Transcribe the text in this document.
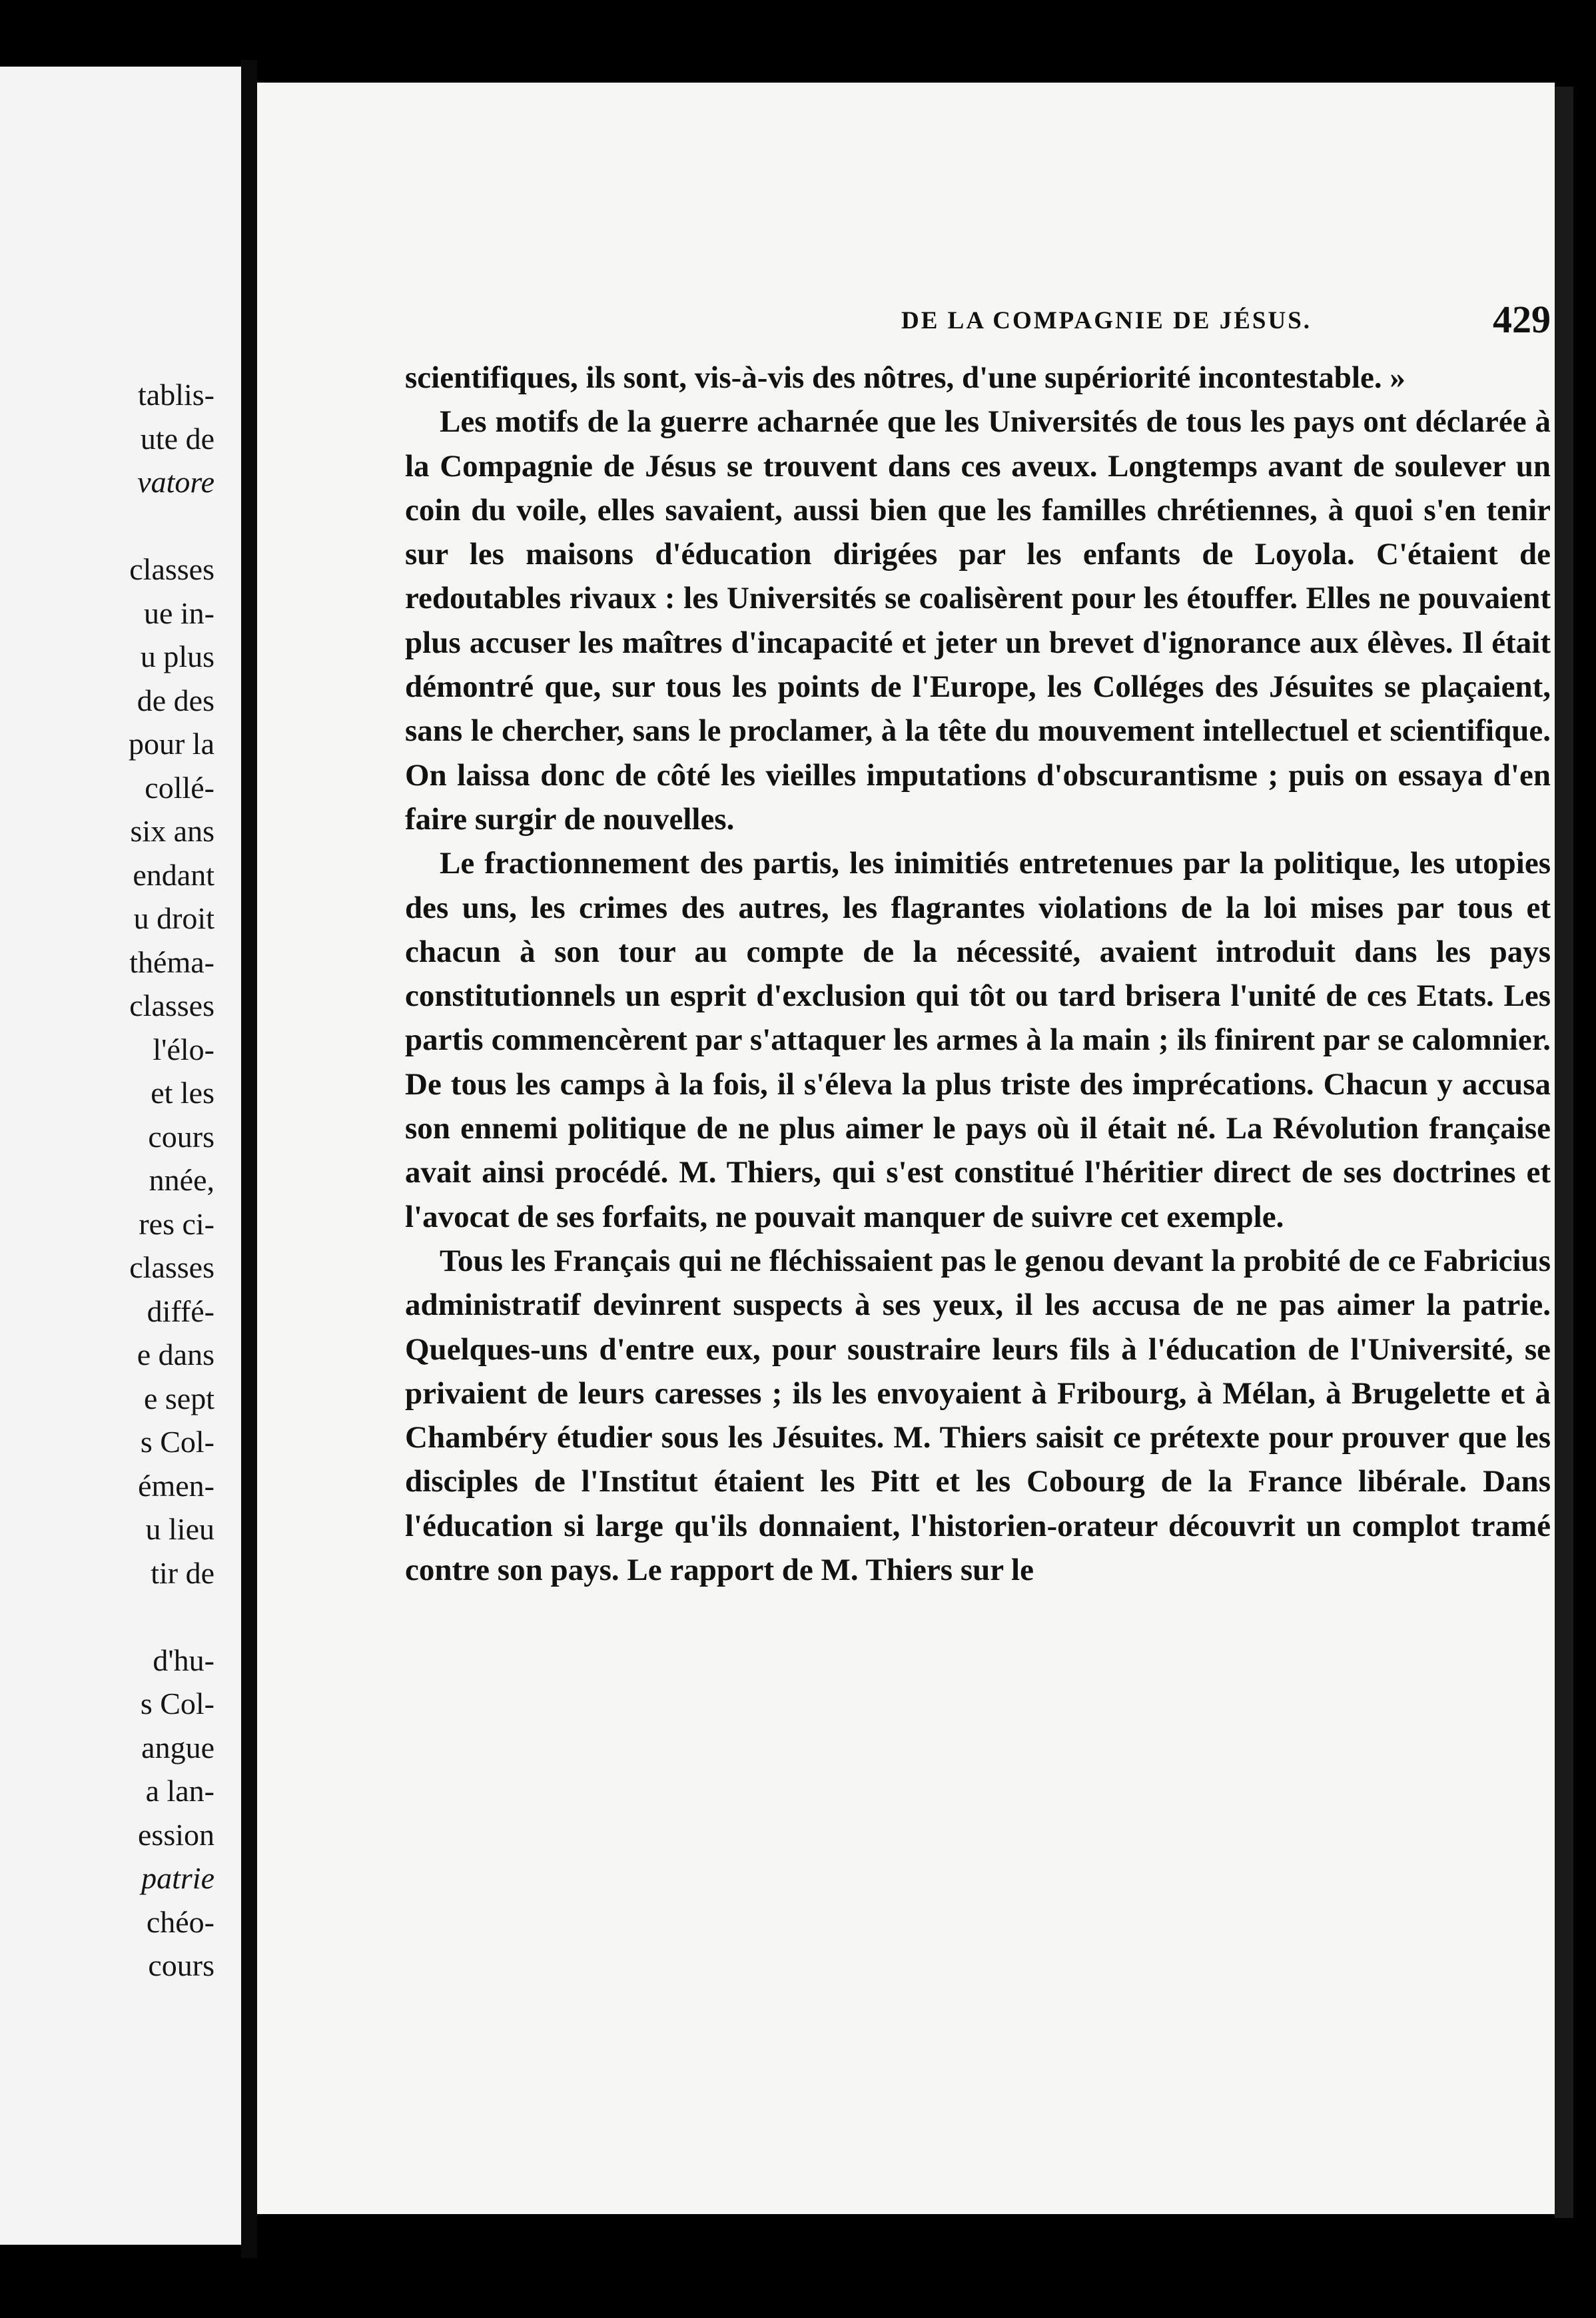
tablis-
ute de
vatore
classes
ue in-
u plus
de des
pour la
collé-
six ans
endant
u droit
théma-
classes
l'élo-
et les
cours
nnée,
res ci-
classes
diffé-
e dans
e sept
s Col-
émen-
u lieu
tir de
d'hu-
s Col-
angue
a lan-
ession
patrie
chéo-
cours
DE LA COMPAGNIE DE JÉSUS.	429

scientifiques, ils sont, vis-à-vis des nôtres, d'une supériorité incontestable. »

Les motifs de la guerre acharnée que les Universités de tous les pays ont déclarée à la Compagnie de Jésus se trouvent dans ces aveux. Longtemps avant de soulever un coin du voile, elles savaient, aussi bien que les familles chrétiennes, à quoi s'en tenir sur les maisons d'éducation dirigées par les enfants de Loyola. C'étaient de redoutables rivaux : les Universités se coalisèrent pour les étouffer. Elles ne pouvaient plus accuser les maîtres d'incapacité et jeter un brevet d'ignorance aux élèves. Il était démontré que, sur tous les points de l'Europe, les Colléges des Jésuites se plaçaient, sans le chercher, sans le proclamer, à la tête du mouvement intellectuel et scientifique. On laissa donc de côté les vieilles imputations d'obscurantisme ; puis on essaya d'en faire surgir de nouvelles.

Le fractionnement des partis, les inimitiés entretenues par la politique, les utopies des uns, les crimes des autres, les flagrantes violations de la loi mises par tous et chacun à son tour au compte de la nécessité, avaient introduit dans les pays constitutionnels un esprit d'exclusion qui tôt ou tard brisera l'unité de ces Etats. Les partis commencèrent par s'attaquer les armes à la main ; ils finirent par se calomnier. De tous les camps à la fois, il s'éleva la plus triste des imprécations. Chacun y accusa son ennemi politique de ne plus aimer le pays où il était né. La Révolution française avait ainsi procédé. M. Thiers, qui s'est constitué l'héritier direct de ses doctrines et l'avocat de ses forfaits, ne pouvait manquer de suivre cet exemple.

Tous les Français qui ne fléchissaient pas le genou devant la probité de ce Fabricius administratif devinrent suspects à ses yeux, il les accusa de ne pas aimer la patrie. Quelques-uns d'entre eux, pour soustraire leurs fils à l'éducation de l'Université, se privaient de leurs caresses ; ils les envoyaient à Fribourg, à Mélan, à Brugelette et à Chambéry étudier sous les Jésuites. M. Thiers saisit ce prétexte pour prouver que les disciples de l'Institut étaient les Pitt et les Cobourg de la France libérale. Dans l'éducation si large qu'ils donnaient, l'historien-orateur découvrit un complot tramé contre son pays. Le rapport de M. Thiers sur le
